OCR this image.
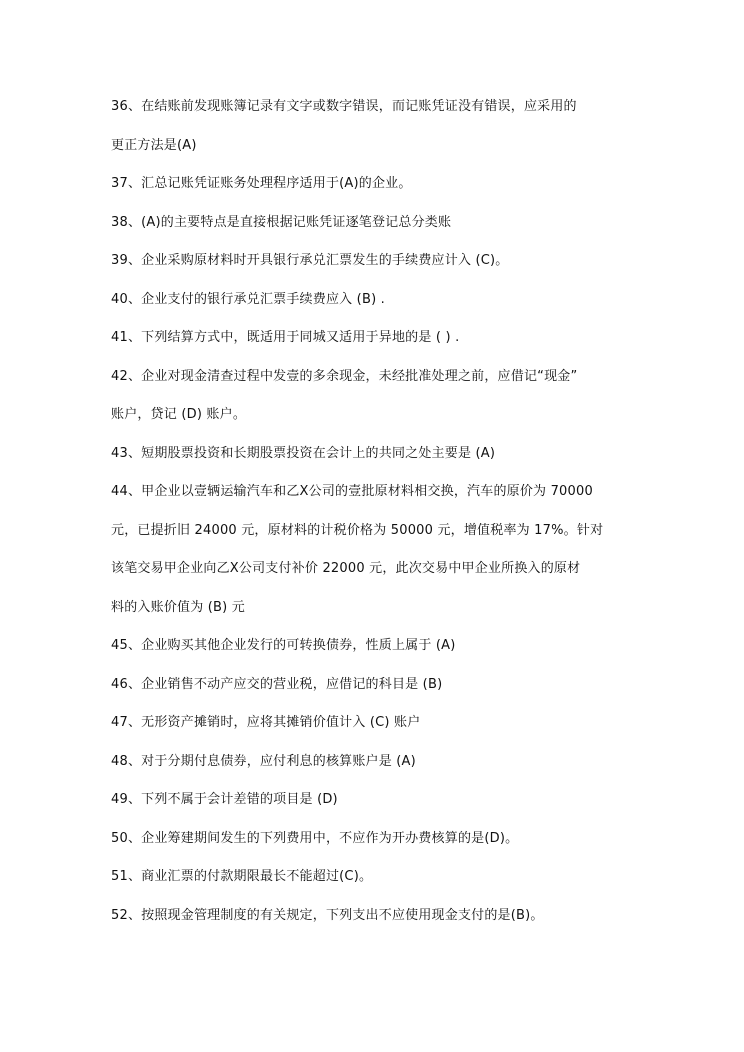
36、在结账前发现账簿记录有文字或数字错误，而记账凭证没有错误，应采用的
更正方法是(A)
37、汇总记账凭证账务处理程序适用于(A)的企业。
38、(A)的主要特点是直接根据记账凭证逐笔登记总分类账
39、企业采购原材料时开具银行承兑汇票发生的手续费应计入 (C)。
40、企业支付的银行承兑汇票手续费应入 (B) .
41、下列结算方式中，既适用于同城又适用于异地的是 ( ) .
42、企业对现金清查过程中发壹的多余现金，未经批准处理之前，应借记“现金”
账户，贷记 (D) 账户。
43、短期股票投资和长期股票投资在会计上的共同之处主要是 (A)
44、甲企业以壹辆运输汽车和乙X公司的壹批原材料相交换，汽车的原价为 70000
元，已提折旧 24000 元，原材料的计税价格为 50000 元，增值税率为 17%。针对
该笔交易甲企业向乙X公司支付补价 22000 元，此次交易中甲企业所换入的原材
料的入账价值为 (B) 元
45、企业购买其他企业发行的可转换债券，性质上属于 (A)
46、企业销售不动产应交的营业税，应借记的科目是 (B)
47、无形资产摊销时，应将其摊销价值计入 (C) 账户
48、对于分期付息债券，应付利息的核算账户是 (A)
49、下列不属于会计差错的项目是 (D)
50、企业筹建期间发生的下列费用中，不应作为开办费核算的是(D)。
51、商业汇票的付款期限最长不能超过(C)。
52、按照现金管理制度的有关规定，下列支出不应使用现金支付的是(B)。
